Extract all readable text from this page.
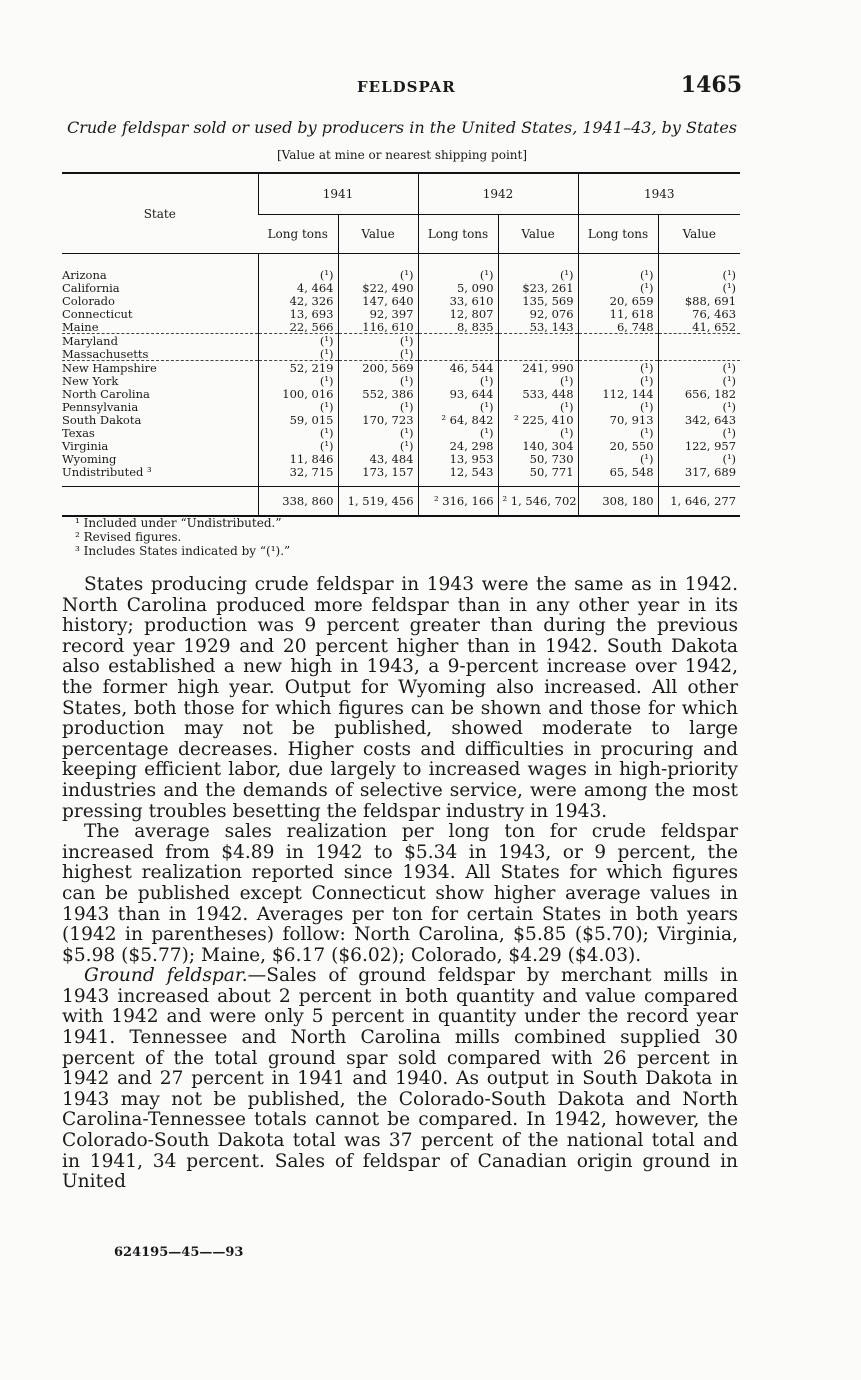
FELDSPAR	1465
Crude feldspar sold or used by producers in the United States, 1941–43, by States
[Value at mine or nearest shipping point]
State	1941		1942		1943	
	Long tons	Value	Long tons	Value	Long tons	Value
Arizona	(¹)	(¹)	(¹)	(¹)	(¹)	(¹)
California	4, 464	$22, 490	5, 090	$23, 261	(¹)	(¹)
Colorado	42, 326	147, 640	33, 610	135, 569	20, 659	$88, 691
Connecticut	13, 693	92, 397	12, 807	92, 076	11, 618	76, 463
Maine	22, 566	116, 610	8, 835	53, 143	6, 748	41, 652
Maryland	(¹)	(¹)				
Massachusetts	(¹)	(¹)				
New Hampshire	52, 219	200, 569	46, 544	241, 990	(¹)	(¹)
New York	(¹)	(¹)	(¹)	(¹)	(¹)	(¹)
North Carolina	100, 016	552, 386	93, 644	533, 448	112, 144	656, 182
Pennsylvania	(¹)	(¹)	(¹)	(¹)	(¹)	(¹)
South Dakota	59, 015	170, 723	² 64, 842	² 225, 410	70, 913	342, 643
Texas	(¹)	(¹)	(¹)	(¹)	(¹)	(¹)
Virginia	(¹)	(¹)	24, 298	140, 304	20, 550	122, 957
Wyoming	11, 846	43, 484	13, 953	50, 730	(¹)	(¹)
Undistributed ³	32, 715	173, 157	12, 543	50, 771	65, 548	317, 689
	338, 860	1, 519, 456	² 316, 166	² 1, 546, 702	308, 180	1, 646, 277
¹ Included under “Undistributed.”
² Revised figures.
³ Includes States indicated by “(¹).”

States producing crude feldspar in 1943 were the same as in 1942. North Carolina produced more feldspar than in any other year in its history; production was 9 percent greater than during the previous record year 1929 and 20 percent higher than in 1942. South Dakota also established a new high in 1943, a 9-percent increase over 1942, the former high year. Output for Wyoming also increased. All other States, both those for which figures can be shown and those for which production may not be published, showed moderate to large percentage decreases. Higher costs and difficulties in procuring and keeping efficient labor, due largely to increased wages in high-priority industries and the demands of selective service, were among the most pressing troubles besetting the feldspar industry in 1943.

The average sales realization per long ton for crude feldspar increased from $4.89 in 1942 to $5.34 in 1943, or 9 percent, the highest realization reported since 1934. All States for which figures can be published except Connecticut show higher average values in 1943 than in 1942. Averages per ton for certain States in both years (1942 in parentheses) follow: North Carolina, $5.85 ($5.70); Virginia, $5.98 ($5.77); Maine, $6.17 ($6.02); Colorado, $4.29 ($4.03).

Ground feldspar.—Sales of ground feldspar by merchant mills in 1943 increased about 2 percent in both quantity and value compared with 1942 and were only 5 percent in quantity under the record year 1941. Tennessee and North Carolina mills combined supplied 30 percent of the total ground spar sold compared with 26 percent in 1942 and 27 percent in 1941 and 1940. As output in South Dakota in 1943 may not be published, the Colorado-South Dakota and North Carolina-Tennessee totals cannot be compared. In 1942, however, the Colorado-South Dakota total was 37 percent of the national total and in 1941, 34 percent. Sales of feldspar of Canadian origin ground in United

624195—45——93
